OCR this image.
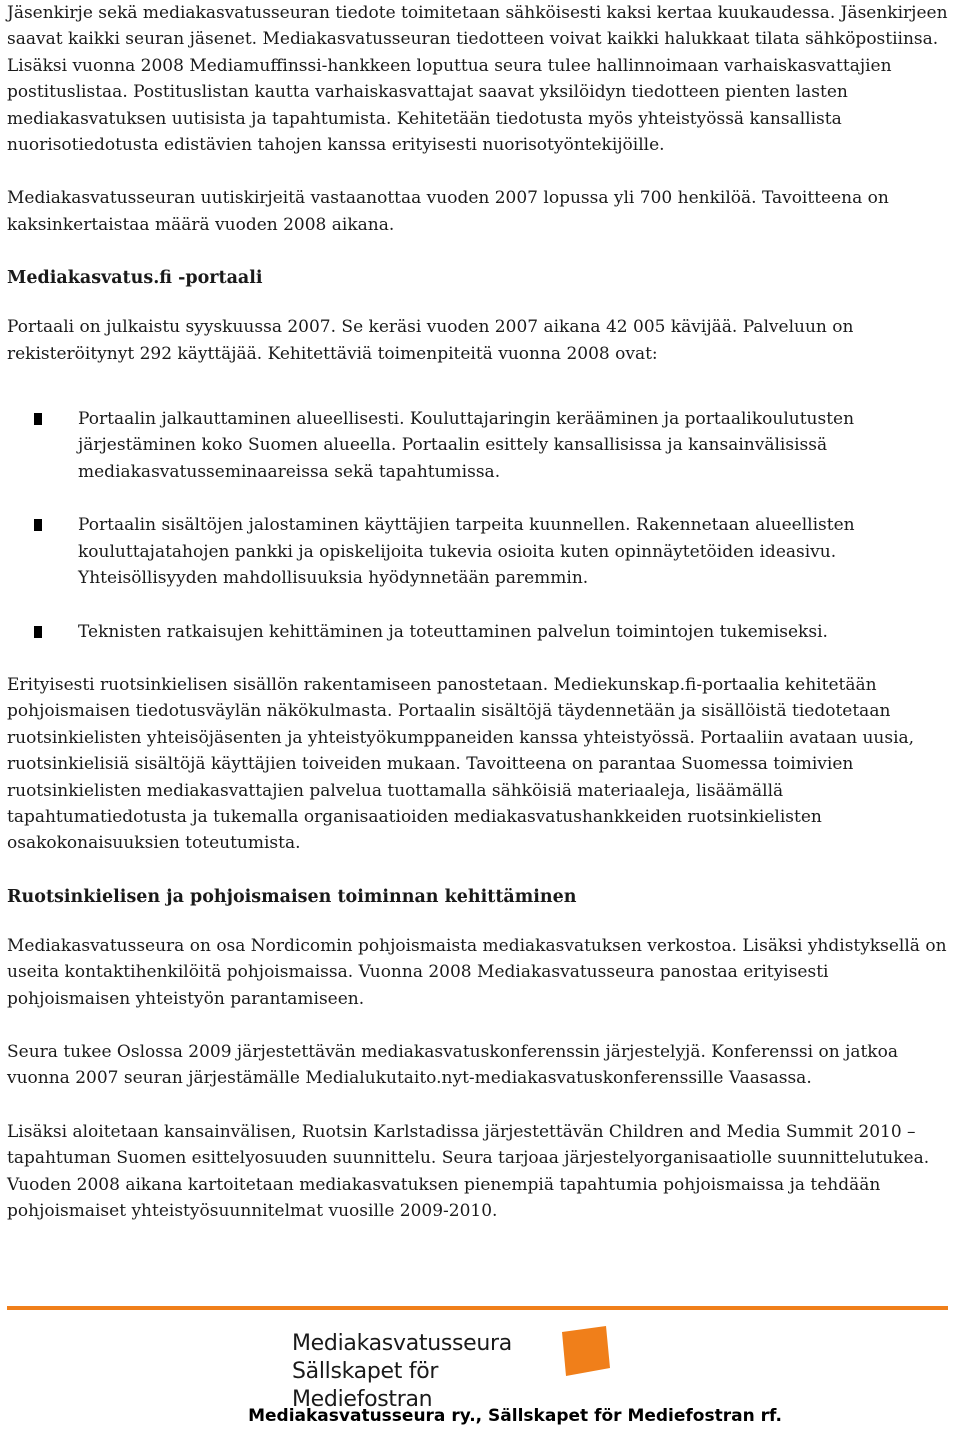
Jäsenkirje sekä mediakasvatusseuran tiedote toimitetaan sähköisesti kaksi kertaa kuukaudessa. Jäsenkirjeen saavat kaikki seuran jäsenet. Mediakasvatusseuran tiedotteen voivat kaikki halukkaat tilata sähköpostiinsa. Lisäksi vuonna 2008 Mediamuffinssi-hankkeen loputtua seura tulee hallinnoimaan varhaiskasvattajien postituslistaa. Postituslistan kautta varhaiskasvattajat saavat yksilöidyn tiedotteen pienten lasten mediakasvatuksen uutisista ja tapahtumista. Kehitetään tiedotusta myös yhteistyössä kansallista nuorisotiedotusta edistävien tahojen kanssa erityisesti nuorisotyöntekijöille.

Mediakasvatusseuran uutiskirjeitä vastaanottaa vuoden 2007 lopussa yli 700 henkilöä. Tavoitteena on kaksinkertaistaa määrä vuoden 2008 aikana.

Mediakasvatus.fi -portaali

Portaali on julkaistu syyskuussa 2007. Se keräsi vuoden 2007 aikana 42 005 kävijää. Palveluun on rekisteröitynyt 292 käyttäjää. Kehitettäviä toimenpiteitä vuonna 2008 ovat:

Portaalin jalkauttaminen alueellisesti. Kouluttajaringin kerääminen ja portaalikoulutusten järjestäminen koko Suomen alueella. Portaalin esittely kansallisissa ja kansainvälisissä mediakasvatusseminaareissa sekä tapahtumissa.
Portaalin sisältöjen jalostaminen käyttäjien tarpeita kuunnellen. Rakennetaan alueellisten kouluttajatahojen pankki ja opiskelijoita tukevia osioita kuten opinnäytetöiden ideasivu. Yhteisöllisyyden mahdollisuuksia hyödynnetään paremmin.
Teknisten ratkaisujen kehittäminen ja toteuttaminen palvelun toimintojen tukemiseksi.

Erityisesti ruotsinkielisen sisällön rakentamiseen panostetaan. Mediekunskap.fi-portaalia kehitetään pohjoismaisen tiedotusväylän näkökulmasta. Portaalin sisältöjä täydennetään ja sisällöistä tiedotetaan ruotsinkielisten yhteisöjäsenten ja yhteistyökumppaneiden kanssa yhteistyössä. Portaaliin avataan uusia, ruotsinkielisiä sisältöjä käyttäjien toiveiden mukaan. Tavoitteena on parantaa Suomessa toimivien ruotsinkielisten mediakasvattajien palvelua tuottamalla sähköisiä materiaaleja, lisäämällä tapahtumatiedotusta ja tukemalla organisaatioiden mediakasvatushankkeiden ruotsinkielisten osakokonaisuuksien toteutumista.

Ruotsinkielisen ja pohjoismaisen toiminnan kehittäminen

Mediakasvatusseura on osa Nordicomin pohjoismaista mediakasvatuksen verkostoa. Lisäksi yhdistyksellä on useita kontaktihenkilöitä pohjoismaissa. Vuonna 2008 Mediakasvatusseura panostaa erityisesti pohjoismaisen yhteistyön parantamiseen.

Seura tukee Oslossa 2009 järjestettävän mediakasvatuskonferenssin järjestelyjä. Konferenssi on jatkoa vuonna 2007 seuran järjestämälle Medialukutaito.nyt-mediakasvatuskonferenssille Vaasassa.

Lisäksi aloitetaan kansainvälisen, Ruotsin Karlstadissa järjestettävän Children and Media Summit 2010 – tapahtuman Suomen esittelyosuuden suunnittelu. Seura tarjoaa järjestelyorganisaatiolle suunnittelutukea. Vuoden 2008 aikana kartoitetaan mediakasvatuksen pienempiä tapahtumia pohjoismaissa ja tehdään pohjoismaiset yhteistyösuunnitelmat vuosille 2009-2010.

Mediakasvatusseura
Sällskapet för Mediefostran
Mediakasvatusseura ry., Sällskapet för Mediefostran rf.
